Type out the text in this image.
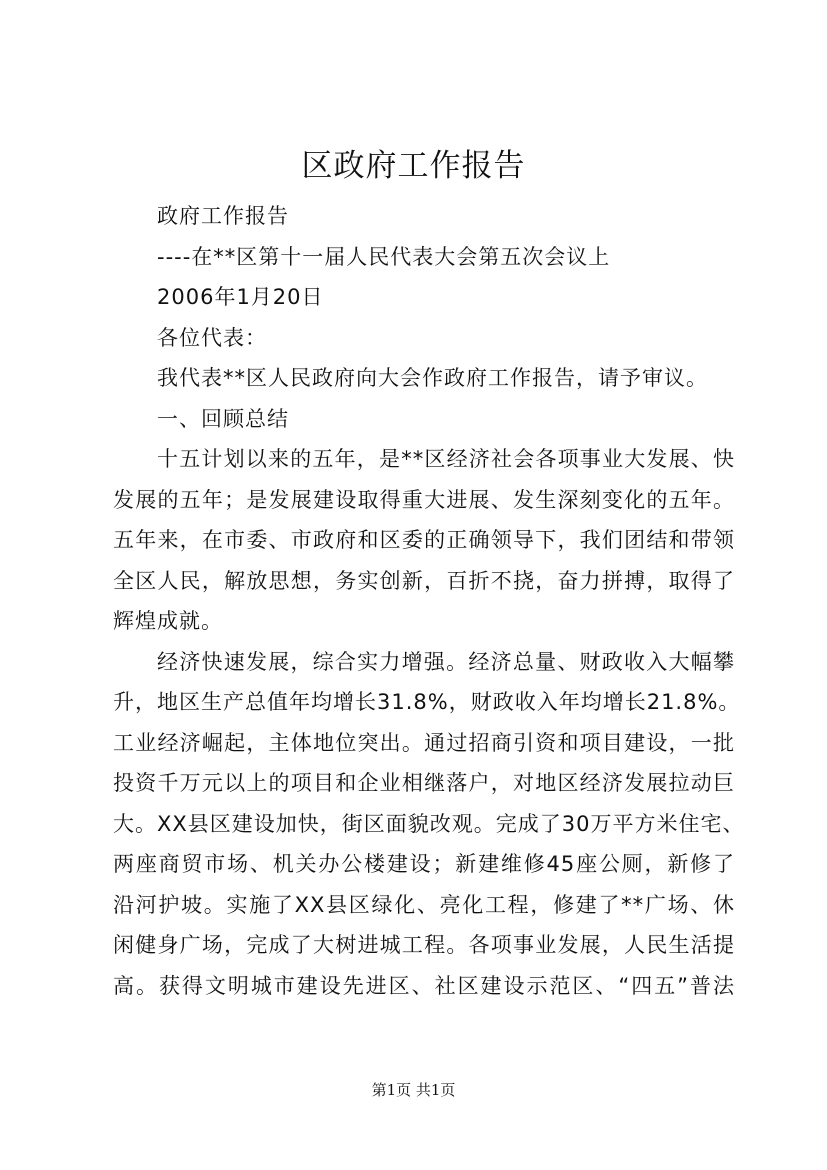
区政府工作报告
政府工作报告
----在**区第十一届人民代表大会第五次会议上
2006年1月20日
各位代表：
我代表**区人民政府向大会作政府工作报告，请予审议。
一、回顾总结
十五计划以来的五年，是**区经济社会各项事业大发展、快
发展的五年；是发展建设取得重大进展、发生深刻变化的五年。
五年来，在市委、市政府和区委的正确领导下，我们团结和带领
全区人民，解放思想，务实创新，百折不挠，奋力拼搏，取得了
辉煌成就。
经济快速发展，综合实力增强。经济总量、财政收入大幅攀
升，地区生产总值年均增长31.8%，财政收入年均增长21.8%。
工业经济崛起，主体地位突出。通过招商引资和项目建设，一批
投资千万元以上的项目和企业相继落户，对地区经济发展拉动巨
大。XX县区建设加快，街区面貌改观。完成了30万平方米住宅、
两座商贸市场、机关办公楼建设；新建维修45座公厕，新修了
沿河护坡。实施了XX县区绿化、亮化工程，修建了**广场、休
闲健身广场，完成了大树进城工程。各项事业发展，人民生活提
高。获得文明城市建设先进区、社区建设示范区、“四五”普法
第1页 共1页
